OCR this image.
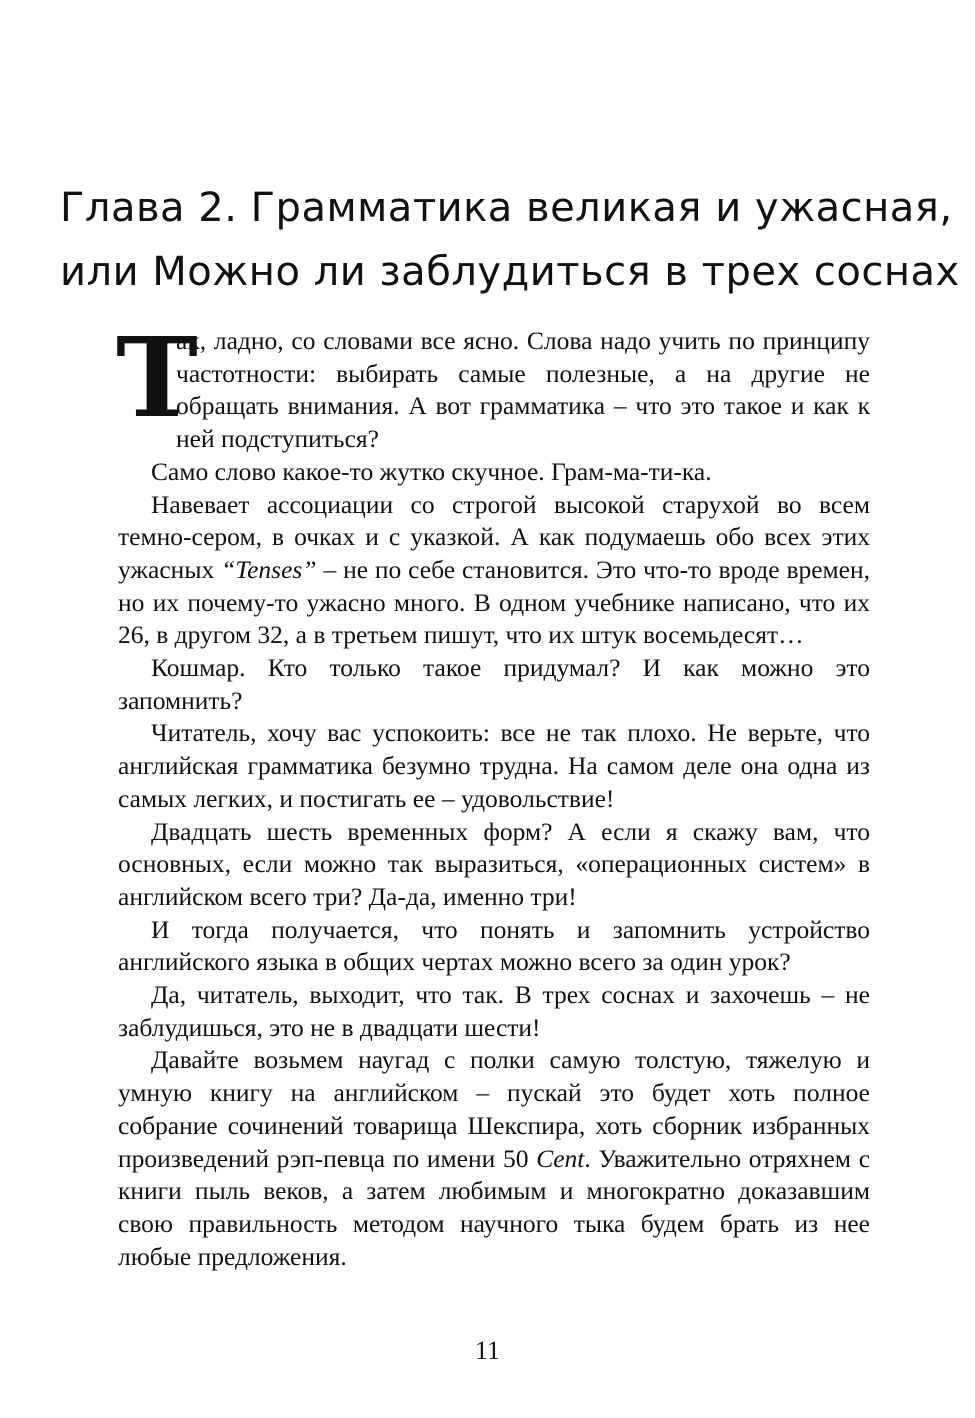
Глава 2. Грамматика великая и ужасная,
или Можно ли заблудиться в трех соснах

Т
ак, ладно, со словами все ясно. Слова надо учить по принципу частотности: выбирать самые полезные, а на другие не обращать внимания. А вот грамматика – что это такое и как к ней подступиться?

Само слово какое-то жутко скучное. Грам-ма-ти-ка.

Навевает ассоциации со строгой высокой старухой во всем темно-сером, в очках и с указкой. А как подумаешь обо всех этих ужасных “Tenses” – не по себе становится. Это что-то вроде времен, но их почему-то ужасно много. В одном учебнике написано, что их 26, в другом 32, а в третьем пишут, что их штук восемьдесят…

Кошмар. Кто только такое придумал? И как можно это запомнить?

Читатель, хочу вас успокоить: все не так плохо. Не верьте, что английская грамматика безумно трудна. На самом деле она одна из самых легких, и постигать ее – удовольствие!

Двадцать шесть временных форм? А если я скажу вам, что основных, если можно так выразиться, «операционных систем» в английском всего три? Да-да, именно три!

И тогда получается, что понять и запомнить устройство английского языка в общих чертах можно всего за один урок?

Да, читатель, выходит, что так. В трех соснах и захочешь – не заблудишься, это не в двадцати шести!

Давайте возьмем наугад с полки самую толстую, тяжелую и умную книгу на английском – пускай это будет хоть полное собрание сочинений товарища Шекспира, хоть сборник избранных произведений рэп-певца по имени 50 Cent. Уважительно отряхнем с книги пыль веков, а затем любимым и многократно доказавшим свою правильность методом научного тыка будем брать из нее любые предложения.

11
